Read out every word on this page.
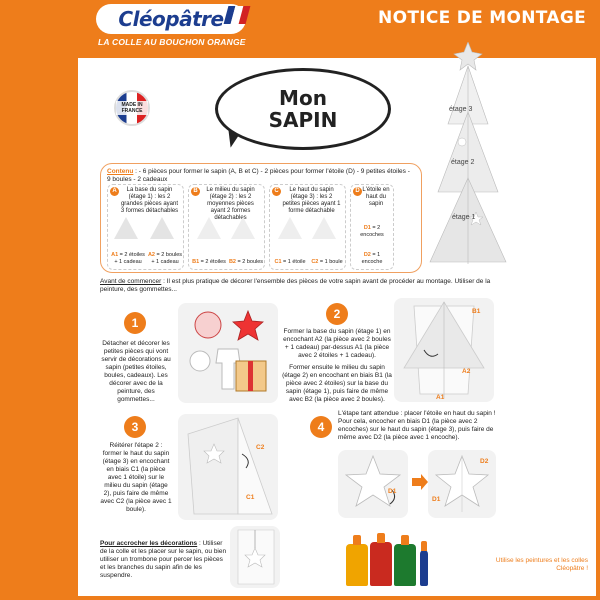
Cléopâtre
LA COLLE AU BOUCHON ORANGE
NOTICE DE MONTAGE
Mon
SAPIN
MADE IN FRANCE	étage 3
étage 2
étage 1
Contenu : - 6 pièces pour former le sapin (A, B et C) - 2 pièces pour former l'étoile (D) - 9 petites étoiles - 9 boules - 2 cadeaux
A	La base du sapin (étage 1) : les 2 grandes pièces ayant 3 formes détachables
A1 = 2 étoiles + 1 cadeau
A2 = 2 boules + 1 cadeau
B	Le milieu du sapin (étage 2) : les 2 moyennes pièces ayant 2 formes détachables
B1 = 2 étoiles B2 = 2 boules
C	Le haut du sapin (étage 3) : les 2 petites pièces ayant 1 forme détachable
C1 = 1 étoile	C2 = 1 boule
D L'étoile en haut du sapin
D1 = 2 encoches
D2 = 1 encoche
Avant de commencer : Il est plus pratique de décorer l'ensemble des pièces de votre sapin avant de procéder au montage. Utiliser de la peinture, des gommettes...
1
Détacher et décorer les petites pièces qui vont servir de décorations au sapin (petites étoiles, boules, cadeaux). Les décorer avec de la peinture, des gommettes...
2
Former la base du sapin (étage 1) en encochant A2 (la pièce avec 2 boules + 1 cadeau) par-dessus A1 (la pièce avec 2 étoiles + 1 cadeau).
Former ensuite le milieu du sapin (étage 2) en encochant en biais B1 (la pièce avec 2 étoiles) sur la base du sapin (étage 1), puis faire de même avec B2 (la pièce avec 2 boules).
B1
A2
A1
3
Réitérer l'étape 2 : former le haut du sapin (étage 3) en encochant en biais C1 (la pièce avec 1 étoile) sur le milieu du sapin (étage 2), puis faire de même avec C2 (la pièce avec 1 boule).
C2
C1
4
L'étape tant attendue : placer l'étoile en haut du sapin ! Pour cela, encocher en biais D1 (la pièce avec 2 encoches) sur le haut du sapin (étage 3), puis faire de même avec D2 (la pièce avec 1 encoche).
D1
D2
D1
Pour accrocher les décorations : Utiliser de la colle et les placer sur le sapin, ou bien utiliser un trombone pour percer les pièces et les branches du sapin afin de les suspendre.
Utilise les peintures et les colles Cléopâtre !
